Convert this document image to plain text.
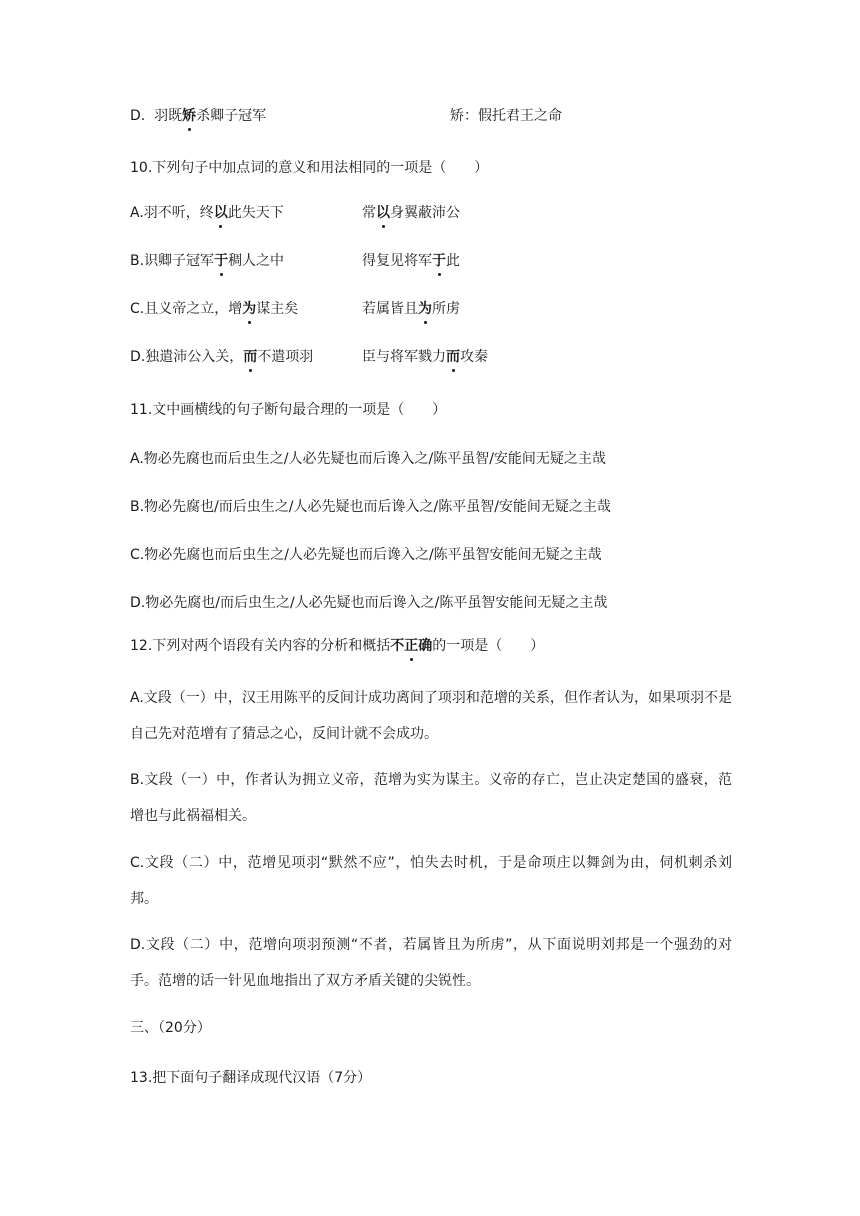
D. 羽既矫杀卿子冠军	矫：假托君王之命
10.下列句子中加点词的意义和用法相同的一项是（　　）
A.羽不听，终以此失天下	常以身翼蔽沛公
B.识卿子冠军于稠人之中	得复见将军于此
C.且义帝之立，增为谋主矣	若属皆且为所虏
D.独遣沛公入关，而不遣项羽	臣与将军戮力而攻秦
11.文中画横线的句子断句最合理的一项是（　　）
A.物必先腐也而后虫生之/人必先疑也而后谗入之/陈平虽智/安能间无疑之主哉
B.物必先腐也/而后虫生之/人必先疑也而后谗入之/陈平虽智/安能间无疑之主哉
C.物必先腐也而后虫生之/人必先疑也而后谗入之/陈平虽智安能间无疑之主哉
D.物必先腐也/而后虫生之/人必先疑也而后谗入之/陈平虽智安能间无疑之主哉
12.下列对两个语段有关内容的分析和概括不正确的一项是（　　）
A.文段（一）中，汉王用陈平的反间计成功离间了项羽和范增的关系，但作者认为，如果项羽不是自己先对范增有了猜忌之心，反间计就不会成功。
B.文段（一）中，作者认为拥立义帝，范增为实为谋主。义帝的存亡，岂止决定楚国的盛衰，范增也与此祸福相关。
C.文段（二）中，范增见项羽“默然不应”，怕失去时机，于是命项庄以舞剑为由，伺机刺杀刘邦。
D.文段（二）中，范增向项羽预测“不者，若属皆且为所虏”，从下面说明刘邦是一个强劲的对手。范增的话一针见血地指出了双方矛盾关键的尖锐性。
三、（20分）
13.把下面句子翻译成现代汉语（7分）
